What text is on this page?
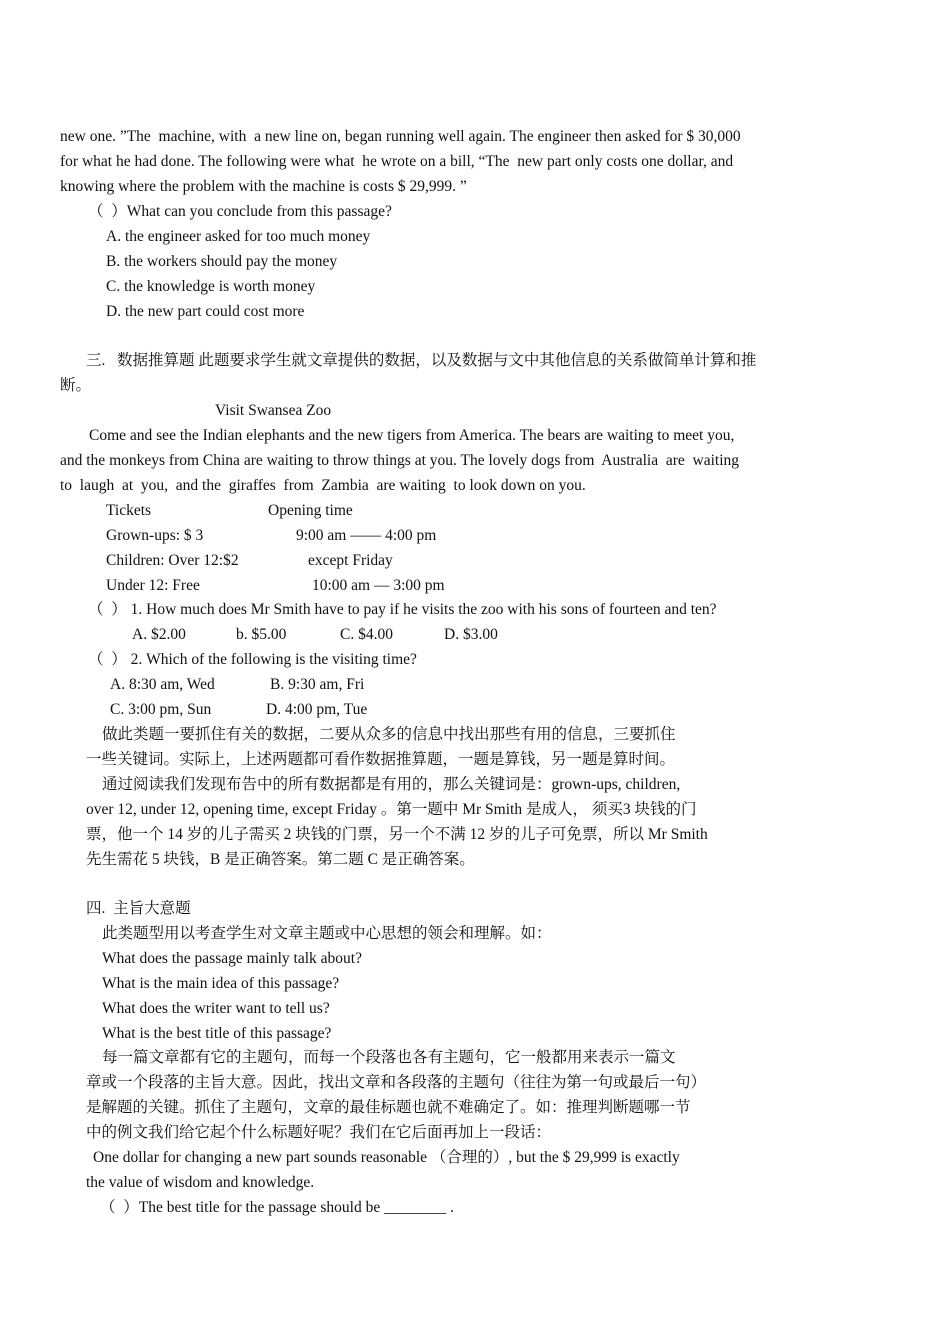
new one. ”The  machine, with  a new line on, began running well again. The engineer then asked for $ 30,000
for what he had done. The following were what  he wrote on a bill, “The  new part only costs one dollar, and
knowing where the problem with the machine is costs $ 29,999. ”
（  ）What can you conclude from this passage?
A. the engineer asked for too much money
B. the workers should pay the money
C. the knowledge is worth money
D. the new part could cost more
三.   数据推算题 此题要求学生就文章提供的数据，以及数据与文中其他信息的关系做简单计算和推
断。
Visit Swansea Zoo
Come and see the Indian elephants and the new tigers from America. The bears are waiting to meet you,
and the monkeys from China are waiting to throw things at you. The lovely dogs from  Australia  are  waiting
to  laugh  at  you,  and the  giraffes  from  Zambia  are waiting  to look down on you.
Tickets	Opening time
Grown-ups: $ 3	9:00 am —— 4:00 pm
Children: Over 12:$2	except Friday
Under 12: Free	10:00 am — 3:00 pm
（  ） 1. How much does Mr Smith have to pay if he visits the zoo with his sons of fourteen and ten?
A. $2.00	b. $5.00	C. $4.00	D. $3.00
（  ） 2. Which of the following is the visiting time?
A. 8:30 am, Wed	B. 9:30 am, Fri
C. 3:00 pm, Sun	D. 4:00 pm, Tue
做此类题一要抓住有关的数据，二要从众多的信息中找出那些有用的信息，三要抓住
一些关键词。实际上，上述两题都可看作数据推算题，一题是算钱，另一题是算时间。
通过阅读我们发现布告中的所有数据都是有用的，那么关键词是：grown-ups, children,
over 12, under 12, opening time, except Friday 。第一题中 Mr Smith 是成人， 须买3 块钱的门
票，他一个 14 岁的儿子需买 2 块钱的门票，另一个不满 12 岁的儿子可免票，所以 Mr Smith
先生需花 5 块钱，B 是正确答案。第二题 C 是正确答案。
四.  主旨大意题
此类题型用以考查学生对文章主题或中心思想的领会和理解。如：
What does the passage mainly talk about?
What is the main idea of this passage?
What does the writer want to tell us?
What is the best title of this passage?
每一篇文章都有它的主题句，而每一个段落也各有主题句，它一般都用来表示一篇文
章或一个段落的主旨大意。因此，找出文章和各段落的主题句（往往为第一句或最后一句）
是解题的关键。抓住了主题句，文章的最佳标题也就不难确定了。如：推理判断题哪一节
中的例文我们给它起个什么标题好呢？我们在它后面再加上一段话：
One dollar for changing a new part sounds reasonable （合理的）, but the $ 29,999 is exactly
the value of wisdom and knowledge.
（  ）The best title for the passage should be ________ .
